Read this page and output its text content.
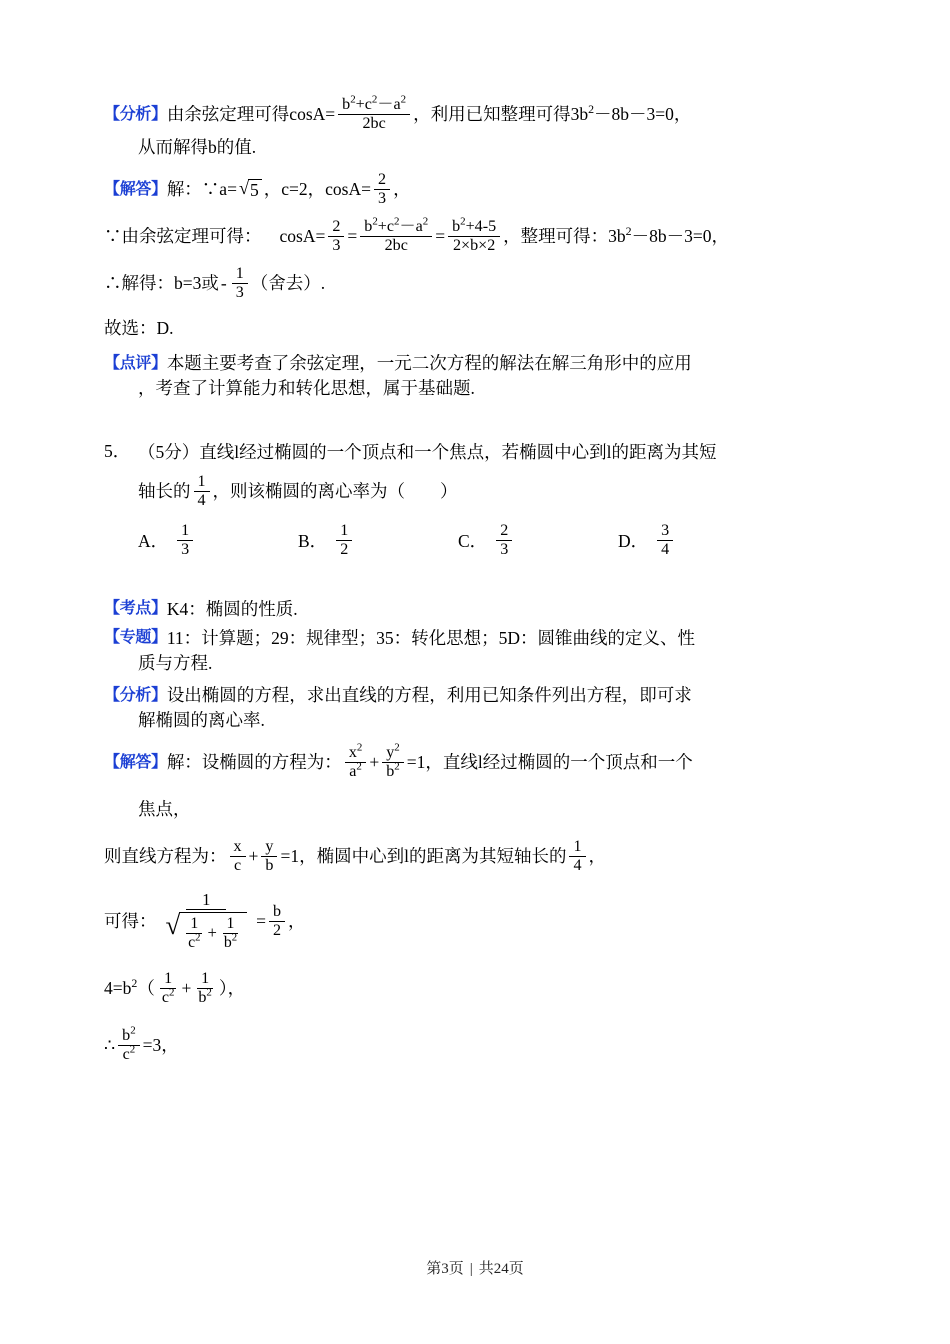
【分析】 由余弦定理可得$\cos A= \frac{b^2+c^2-a^2}{2bc}$ ，利用已知整理可得$3b^2-8b-3=0$，
从而解得b的值.
【解答】 解：∵a= √ 5 ，c=2，$\cos A= \frac{2}{3}$ ，
∵由余弦定理可得： $\cos A= \frac{2}{3} = \frac{b^2+c^2-a^2}{2bc} = \frac{b^2+4-5}{2\times b\times 2}$ ，整理可得：$3b^2-8b-3=0$，
∴解得：b=3或 - $\frac{1}{3}$ （舍去）.
故选：D.
【点评】 本题主要考查了余弦定理，一元二次方程的解法在解三角形中的应用
，考查了计算能力和转化思想，属于基础题.
5． （5分）直线l经过椭圆的一个顶点和一个焦点，若椭圆中心到l的距离为其短
轴长的 $\frac{1}{4}$ ，则该椭圆的离心率为（　　）
A． $\frac{1}{3}$	B． $\frac{1}{2}$	C． $\frac{2}{3}$	D． $\frac{3}{4}$
【考点】 K4：椭圆的性质.
【专题】 11：计算题；29：规律型；35：转化思想；5D：圆锥曲线的定义、性
质与方程.
【分析】 设出椭圆的方程，求出直线的方程，利用已知条件列出方程，即可求
解椭圆的离心率.
【解答】 解：设椭圆的方程为： $\frac{x^2}{a^2} + \frac{y^2}{b^2} =1$ ，直线l经过椭圆的一个顶点和一个
焦点，
则直线方程为： $\frac{x}{c} + \frac{y}{b} =1$ ，椭圆中心到l的距离为其短轴长的 $\frac{1}{4}$ ，
可得：
1
√ $\frac{1}{c^2} + \frac{1}{b^2} = \frac{b}{2}$ ，
$4=b^2( \frac{1}{c^2} + \frac{1}{b^2}$ ），
∴ $\frac{b^2}{c^2} =3$，
第3页 | 共24页
